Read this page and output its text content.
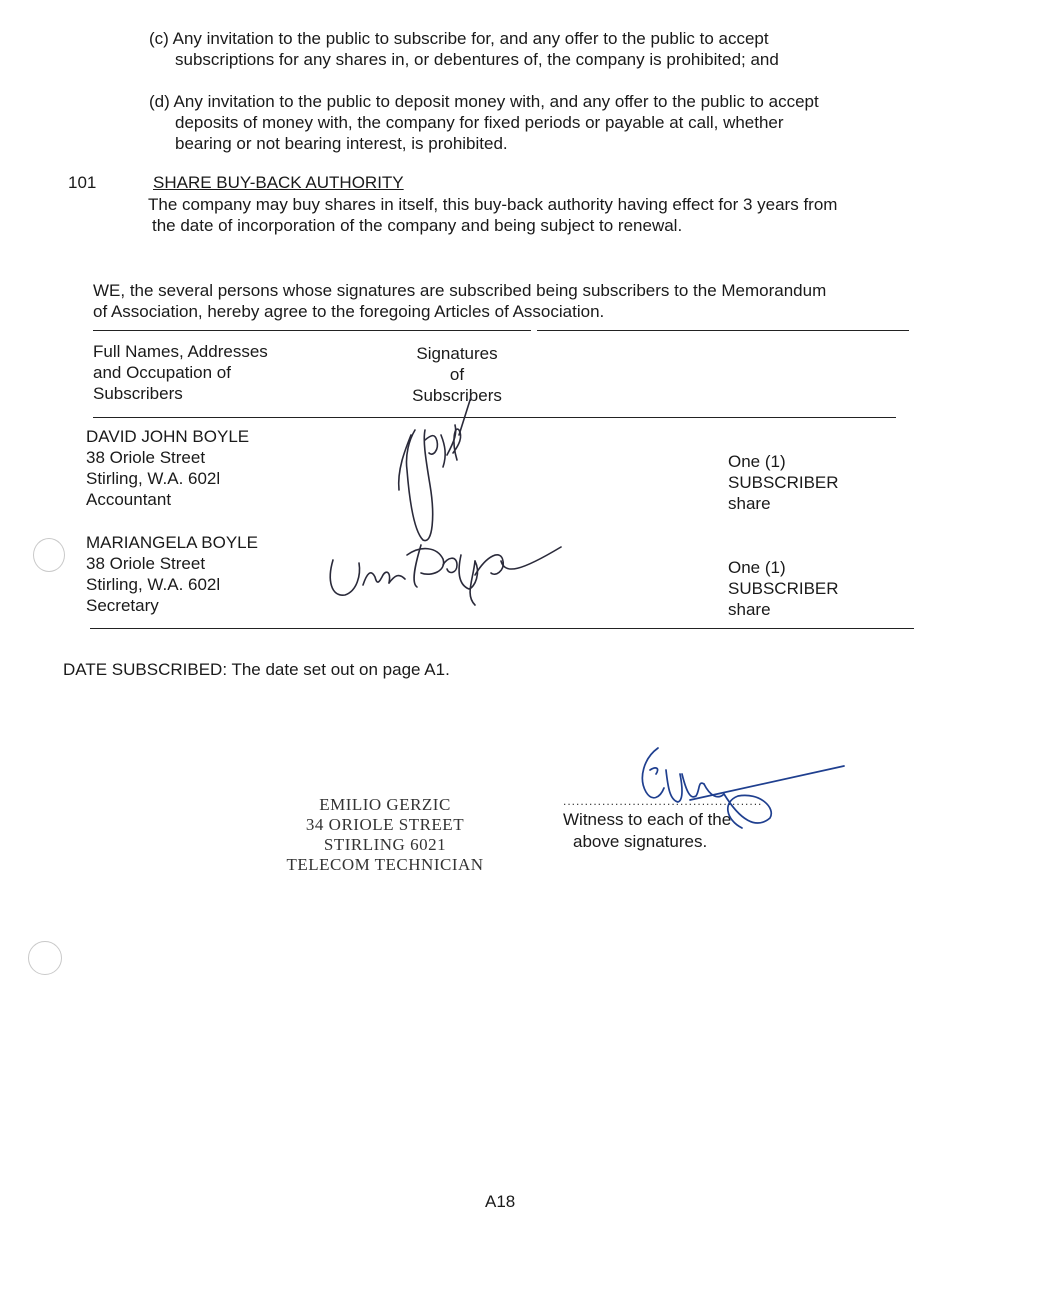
(c) Any invitation to the public to subscribe for, and any offer to the public to accept
subscriptions for any shares in, or debentures of, the company is prohibited; and
(d) Any invitation to the public to deposit money with, and any offer to the public to accept
deposits of money with, the company for fixed periods or payable at call, whether
bearing or not bearing interest, is prohibited.
101	SHARE BUY-BACK AUTHORITY
The company may buy shares in itself, this buy-back authority having effect for 3 years from
the date of incorporation of the company and being subject to renewal.
WE, the several persons whose signatures are subscribed being subscribers to the Memorandum
of Association, hereby agree to the foregoing Articles of Association.
Full Names, Addresses
and Occupation of
Subscribers
Signatures
of
Subscribers
DAVID JOHN BOYLE
38 Oriole Street
Stirling, W.A. 602l
Accountant
One (1)
SUBSCRIBER
share
MARIANGELA BOYLE
38 Oriole Street
Stirling, W.A. 602l
Secretary
One (1)
SUBSCRIBER
share
DATE SUBSCRIBED: The date set out on page A1.
EMILIO GERZIC
34 ORIOLE STREET
STIRLING 6021
TELECOM TECHNICIAN
..............................................
Witness to each of the
above signatures.
A18
